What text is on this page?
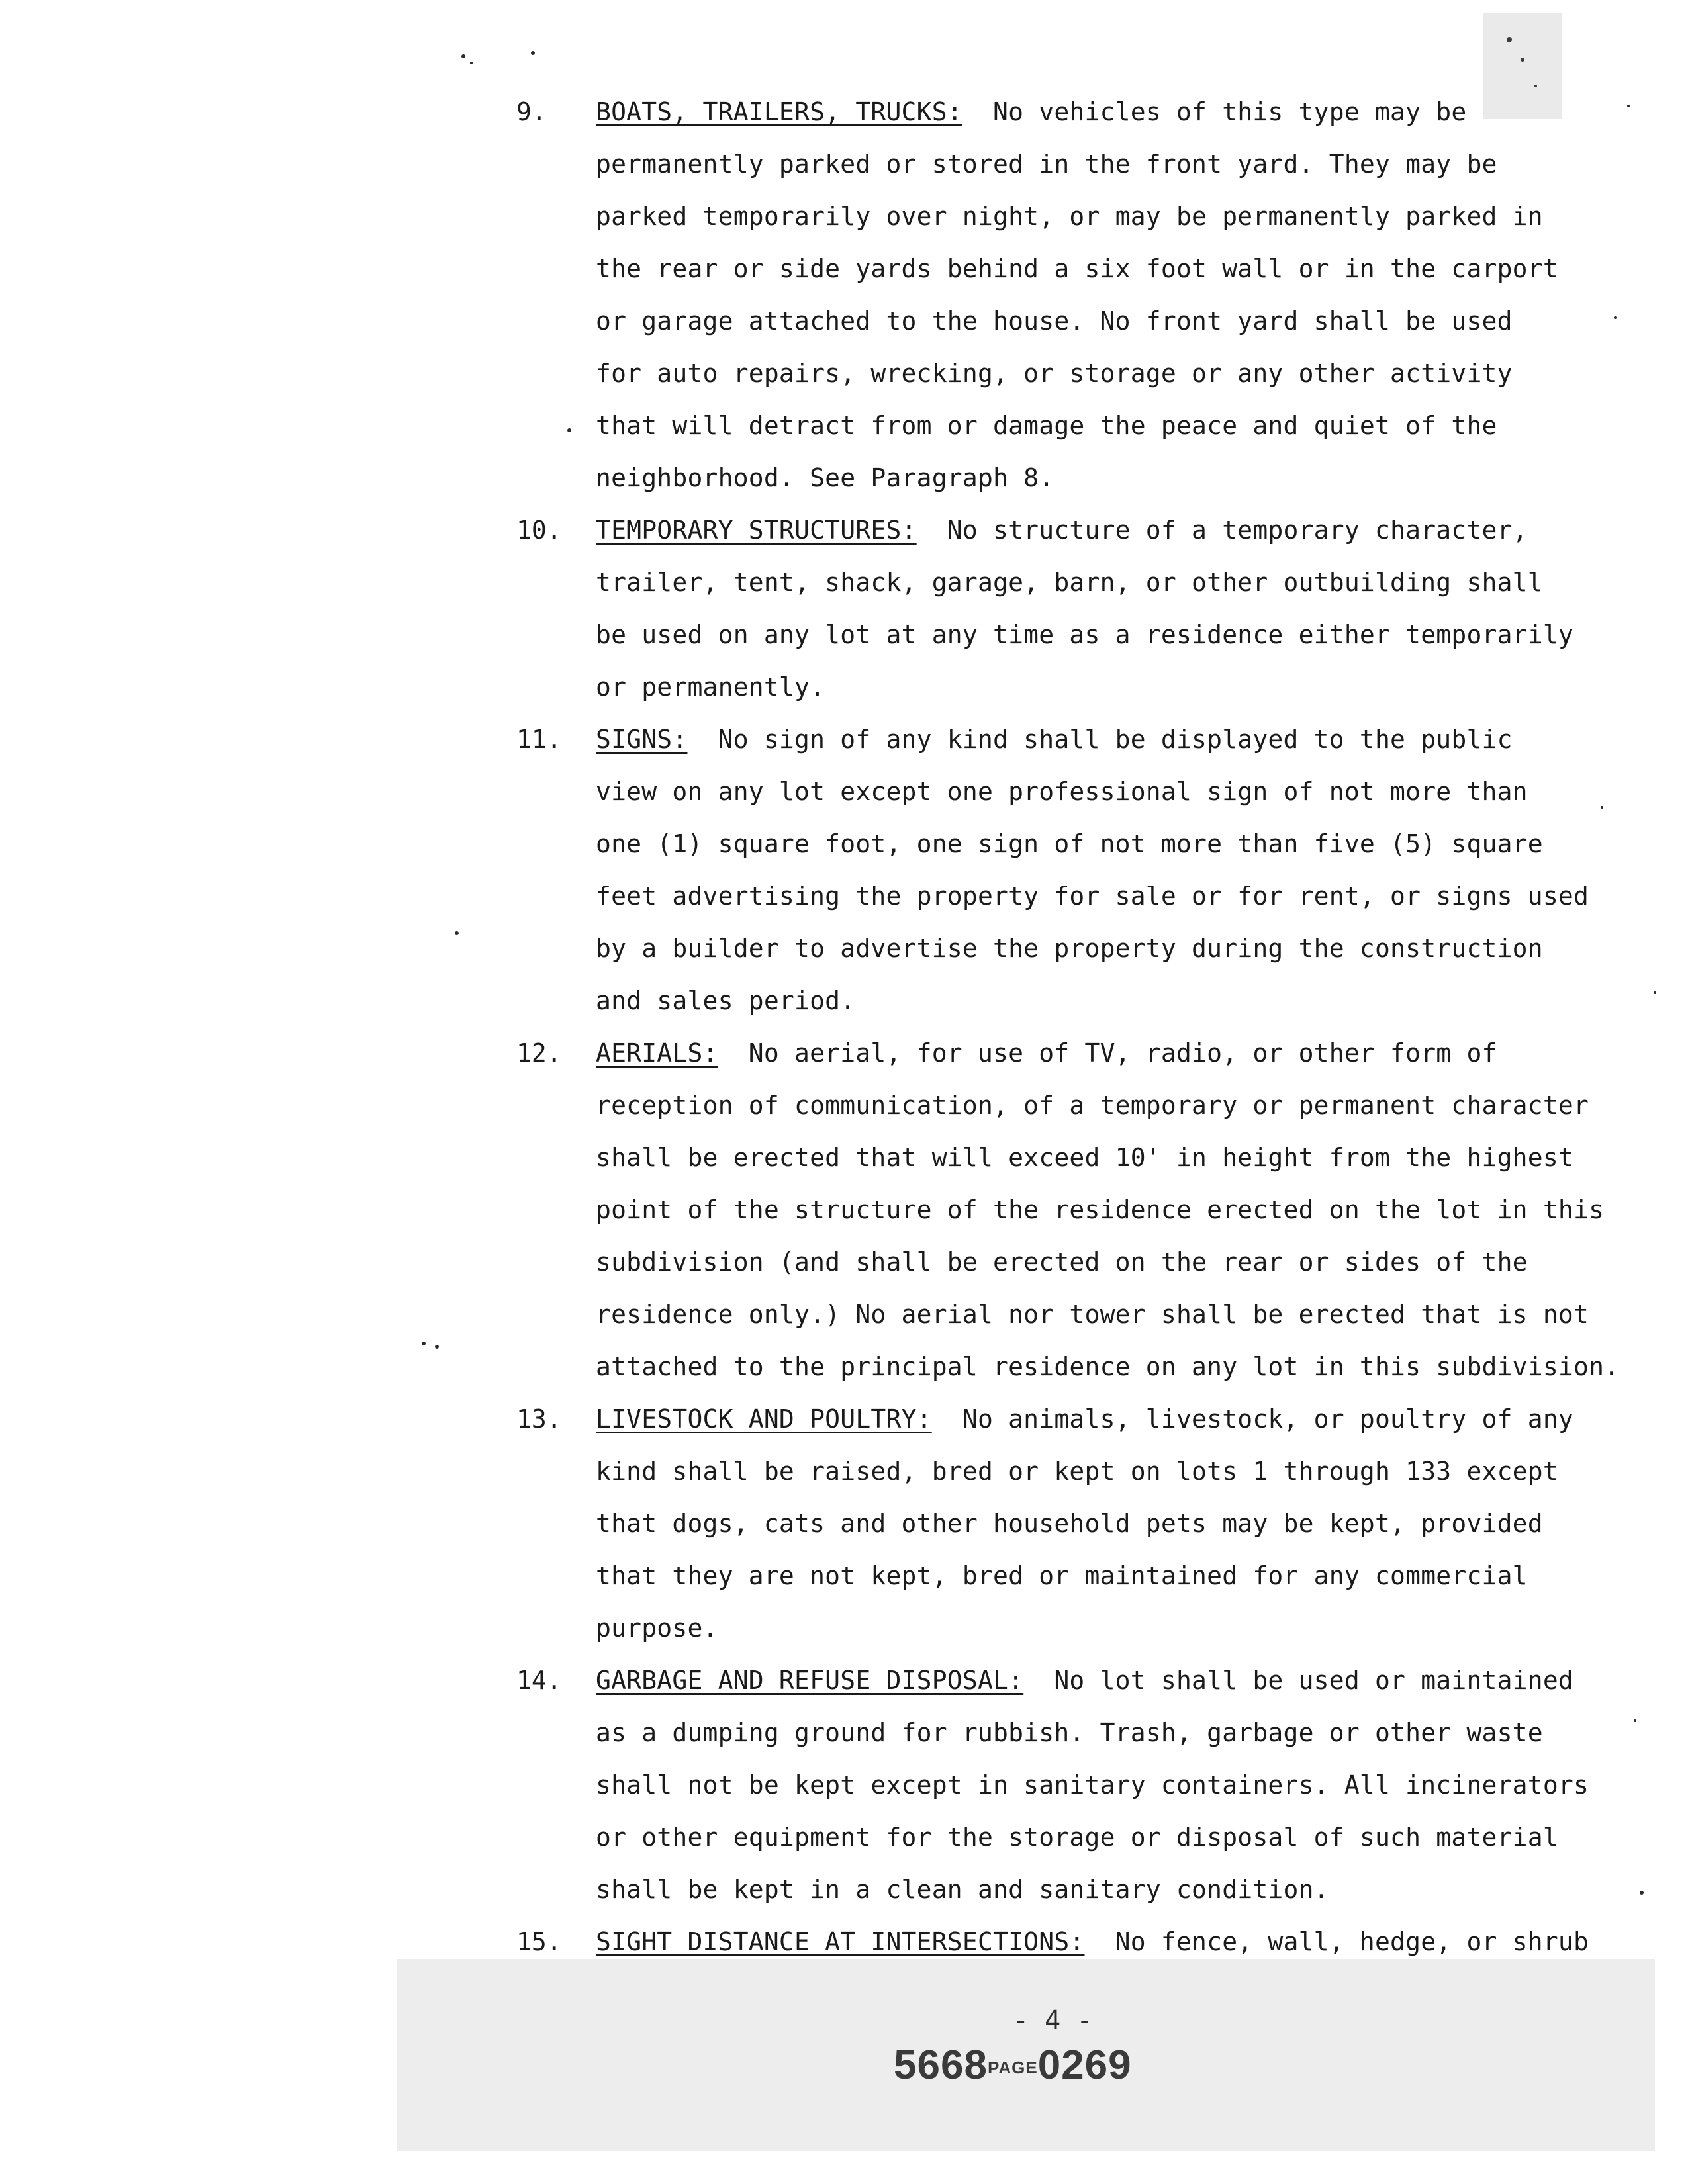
9.	BOATS, TRAILERS, TRUCKS: No vehicles of this type may be
permanently parked or stored in the front yard. They may be
parked temporarily over night, or may be permanently parked in
the rear or side yards behind a six foot wall or in the carport
or garage attached to the house. No front yard shall be used
for auto repairs, wrecking, or storage or any other activity
that will detract from or damage the peace and quiet of the
neighborhood. See Paragraph 8.
10.	TEMPORARY STRUCTURES: No structure of a temporary character,
trailer, tent, shack, garage, barn, or other outbuilding shall
be used on any lot at any time as a residence either temporarily
or permanently.
11.	SIGNS: No sign of any kind shall be displayed to the public
view on any lot except one professional sign of not more than
one (1) square foot, one sign of not more than five (5) square
feet advertising the property for sale or for rent, or signs used
by a builder to advertise the property during the construction
and sales period.
12.	AERIALS: No aerial, for use of TV, radio, or other form of
reception of communication, of a temporary or permanent character
shall be erected that will exceed 10' in height from the highest
point of the structure of the residence erected on the lot in this
subdivision (and shall be erected on the rear or sides of the
residence only.) No aerial nor tower shall be erected that is not
attached to the principal residence on any lot in this subdivision.
13.	LIVESTOCK AND POULTRY: No animals, livestock, or poultry of any
kind shall be raised, bred or kept on lots 1 through 133 except
that dogs, cats and other household pets may be kept, provided
that they are not kept, bred or maintained for any commercial
purpose.
14.	GARBAGE AND REFUSE DISPOSAL: No lot shall be used or maintained
as a dumping ground for rubbish. Trash, garbage or other waste
shall not be kept except in sanitary containers. All incinerators
or other equipment for the storage or disposal of such material
shall be kept in a clean and sanitary condition.
15.	SIGHT DISTANCE AT INTERSECTIONS: No fence, wall, hedge, or shrub
- 4 -
5668PAGE0269
